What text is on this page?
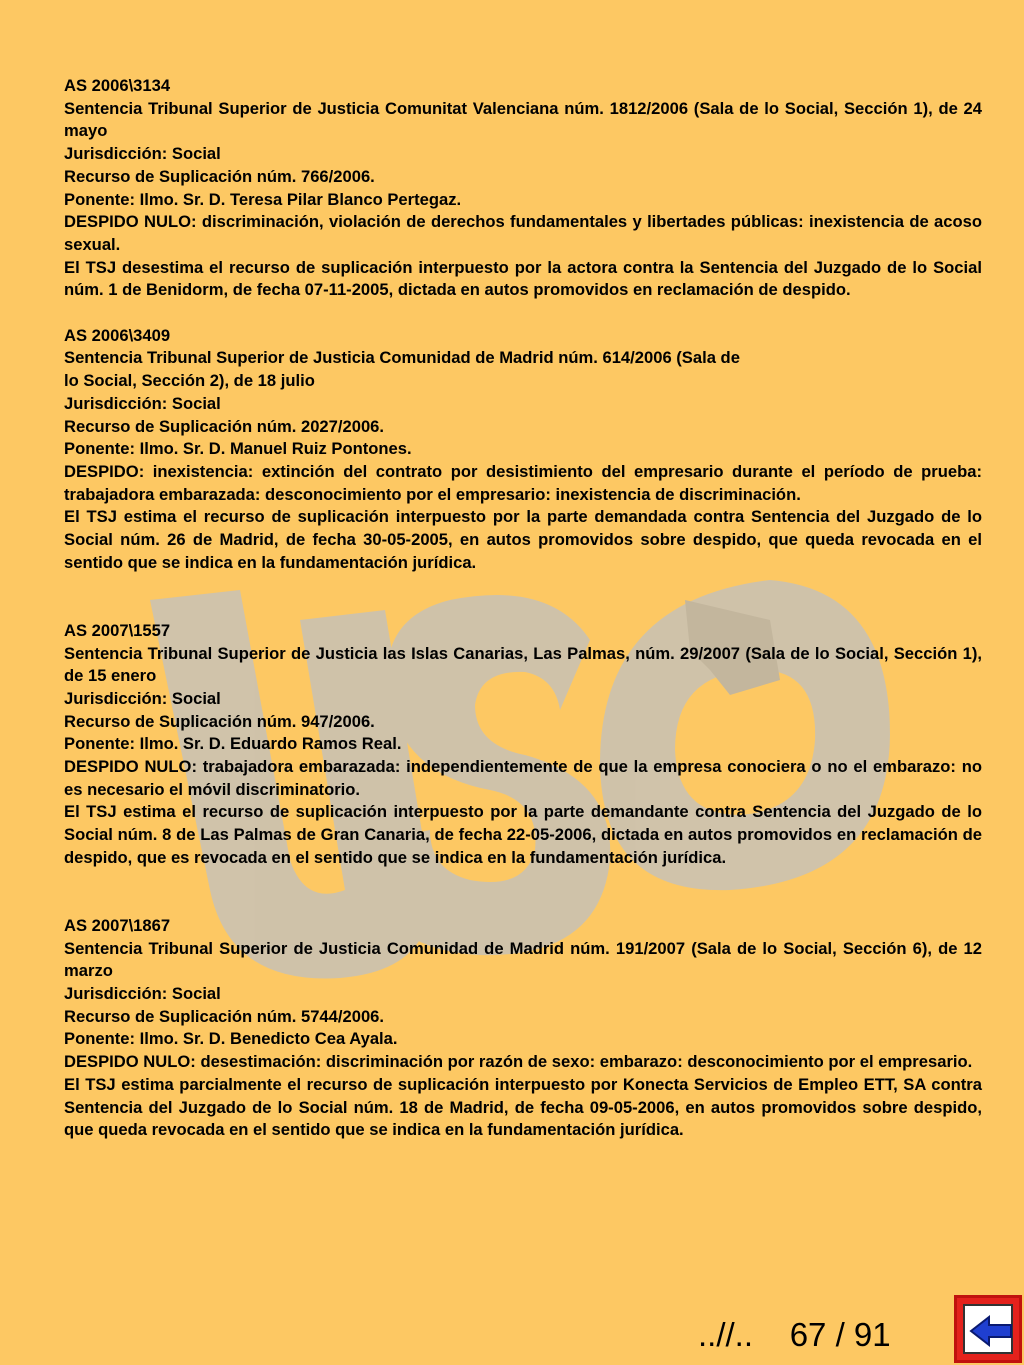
AS 2006\3134
Sentencia Tribunal Superior de Justicia Comunitat Valenciana núm. 1812/2006 (Sala de lo Social, Sección 1), de 24 mayo
Jurisdicción: Social
Recurso de Suplicación núm. 766/2006.
Ponente: Ilmo. Sr. D. Teresa Pilar Blanco Pertegaz.
DESPIDO NULO: discriminación, violación de derechos fundamentales y libertades públicas: inexistencia de acoso sexual.
El TSJ desestima el recurso de suplicación interpuesto por la actora contra la Sentencia del Juzgado de lo Social núm. 1 de Benidorm, de fecha 07-11-2005, dictada en autos promovidos en reclamación de despido.
AS 2006\3409
Sentencia Tribunal Superior de Justicia Comunidad de Madrid núm. 614/2006 (Sala de
lo Social, Sección 2), de 18 julio
Jurisdicción: Social
Recurso de Suplicación núm. 2027/2006.
Ponente: Ilmo. Sr. D. Manuel Ruiz Pontones.
DESPIDO: inexistencia: extinción del contrato por desistimiento del empresario durante el período de prueba: trabajadora embarazada: desconocimiento por el empresario: inexistencia de discriminación.
El TSJ estima el recurso de suplicación interpuesto por la parte demandada contra Sentencia del Juzgado de lo Social núm. 26 de Madrid, de fecha 30-05-2005, en autos promovidos sobre despido, que queda revocada en el sentido que se indica en la fundamentación jurídica.
AS 2007\1557
Sentencia Tribunal Superior de Justicia las Islas Canarias, Las Palmas, núm. 29/2007 (Sala de lo Social, Sección 1), de 15 enero
Jurisdicción: Social
Recurso de Suplicación núm. 947/2006.
Ponente: Ilmo. Sr. D. Eduardo Ramos Real.
DESPIDO NULO: trabajadora embarazada: independientemente de que la empresa conociera o no el embarazo: no es necesario el móvil discriminatorio.
El TSJ estima el recurso de suplicación interpuesto por la parte demandante contra Sentencia del Juzgado de lo Social núm. 8 de Las Palmas de Gran Canaria, de fecha 22-05-2006, dictada en autos promovidos en reclamación de despido, que es revocada en el sentido que se indica en la fundamentación jurídica.
AS 2007\1867
Sentencia Tribunal Superior de Justicia Comunidad de Madrid núm. 191/2007 (Sala de lo Social, Sección 6), de 12 marzo
Jurisdicción: Social
Recurso de Suplicación núm. 5744/2006.
Ponente: Ilmo. Sr. D. Benedicto Cea Ayala.
DESPIDO NULO: desestimación: discriminación por razón de sexo: embarazo: desconocimiento por el empresario.
El TSJ estima parcialmente el recurso de suplicación interpuesto por Konecta Servicios de Empleo ETT, SA contra Sentencia del Juzgado de lo Social núm. 18 de Madrid, de fecha 09-05-2006, en autos promovidos sobre despido, que queda revocada en el sentido que se indica en la fundamentación jurídica.
..//.. 67 / 91
